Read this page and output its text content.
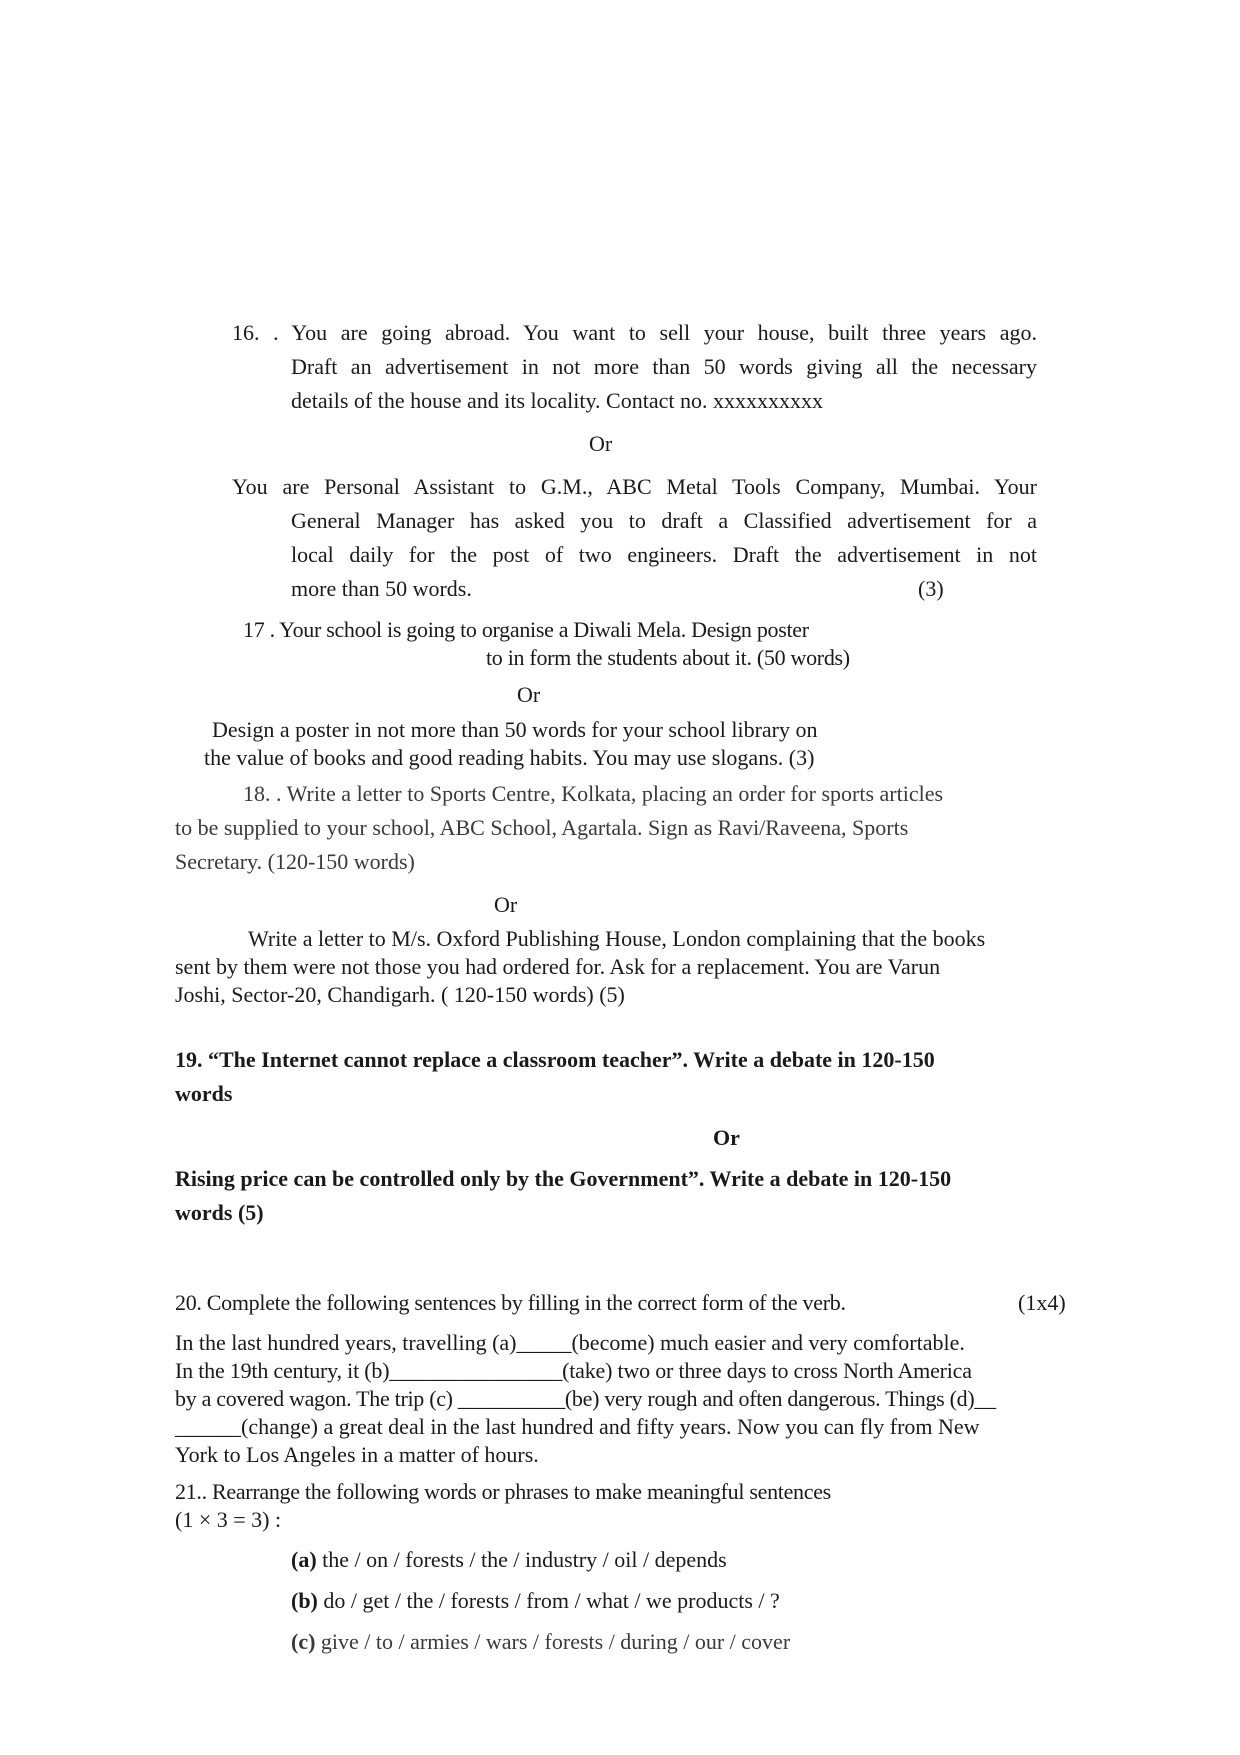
16. . You are going abroad. You want to sell your house, built three years ago.
Draft an advertisement in not more than 50 words giving all the necessary
details of the house and its locality. Contact no. xxxxxxxxxx
Or
You are Personal Assistant to G.M., ABC Metal Tools Company, Mumbai. Your
General Manager has asked you to draft a Classified advertisement for a
local daily for the post of two engineers. Draft the advertisement in not
more than 50 words.	(3)
17 . Your school is going to organise a Diwali Mela. Design poster
to in form the students about it. (50 words)
Or
Design a poster in not more than 50 words for your school library on
the value of books and good reading habits. You may use slogans. (3)
18. . Write a letter to Sports Centre, Kolkata, placing an order for sports articles
to be supplied to your school, ABC School, Agartala. Sign as Ravi/Raveena, Sports
Secretary. (120-150 words)
Or
Write a letter to M/s. Oxford Publishing House, London complaining that the books
sent by them were not those you had ordered for. Ask for a replacement. You are Varun
Joshi, Sector-20, Chandigarh. ( 120-150 words) (5)
19. “The Internet cannot replace a classroom teacher”. Write a debate in 120-150
words
Or
Rising price can be controlled only by the Government”. Write a debate in 120-150
words (5)
20. Complete the following sentences by filling in the correct form of the verb.	(1x4)
In the last hundred years, travelling (a)_____(become) much easier and very comfortable.
In the 19th century, it (b)________________(take) two or three days to cross North America
by a covered wagon. The trip (c) __________(be) very rough and often dangerous. Things (d)__
______(change) a great deal in the last hundred and fifty years. Now you can fly from New
York to Los Angeles in a matter of hours.
21.. Rearrange the following words or phrases to make meaningful sentences
(1 × 3 = 3) :
(a) the / on / forests / the / industry / oil / depends
(b) do / get / the / forests / from / what / we products / ?
(c) give / to / armies / wars / forests / during / our / cover
